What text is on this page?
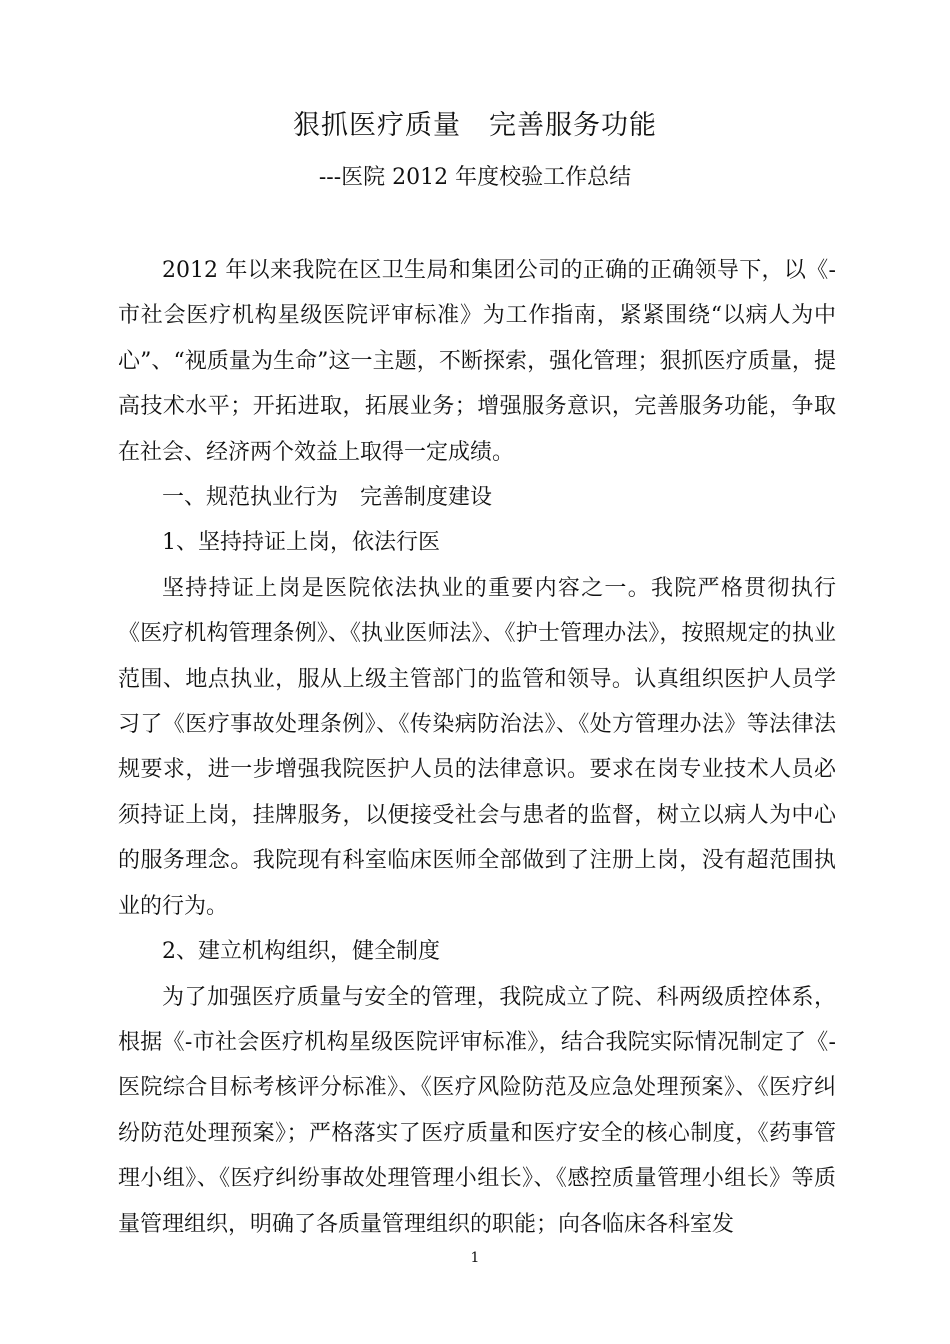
狠抓医疗质量　完善服务功能
---医院 2012 年度校验工作总结

2012 年以来我院在区卫生局和集团公司的正确的正确领导下，以《-市社会医疗机构星级医院评审标准》为工作指南，紧紧围绕“以病人为中心”、“视质量为生命”这一主题，不断探索，强化管理；狠抓医疗质量，提高技术水平；开拓进取，拓展业务；增强服务意识，完善服务功能，争取在社会、经济两个效益上取得一定成绩。

一、规范执业行为　完善制度建设

1、坚持持证上岗，依法行医

坚持持证上岗是医院依法执业的重要内容之一。我院严格贯彻执行《医疗机构管理条例》、《执业医师法》、《护士管理办法》，按照规定的执业范围、地点执业，服从上级主管部门的监管和领导。认真组织医护人员学习了《医疗事故处理条例》、《传染病防治法》、《处方管理办法》等法律法规要求，进一步增强我院医护人员的法律意识。要求在岗专业技术人员必须持证上岗，挂牌服务，以便接受社会与患者的监督，树立以病人为中心的服务理念。我院现有科室临床医师全部做到了注册上岗，没有超范围执业的行为。

2、建立机构组织，健全制度

为了加强医疗质量与安全的管理，我院成立了院、科两级质控体系，根据《-市社会医疗机构星级医院评审标准》，结合我院实际情况制定了《-医院综合目标考核评分标准》、《医疗风险防范及应急处理预案》、《医疗纠纷防范处理预案》；严格落实了医疗质量和医疗安全的核心制度，《药事管理小组》、《医疗纠纷事故处理管理小组长》、《感控质量管理小组长》等质量管理组织，明确了各质量管理组织的职能；向各临床各科室发

1
